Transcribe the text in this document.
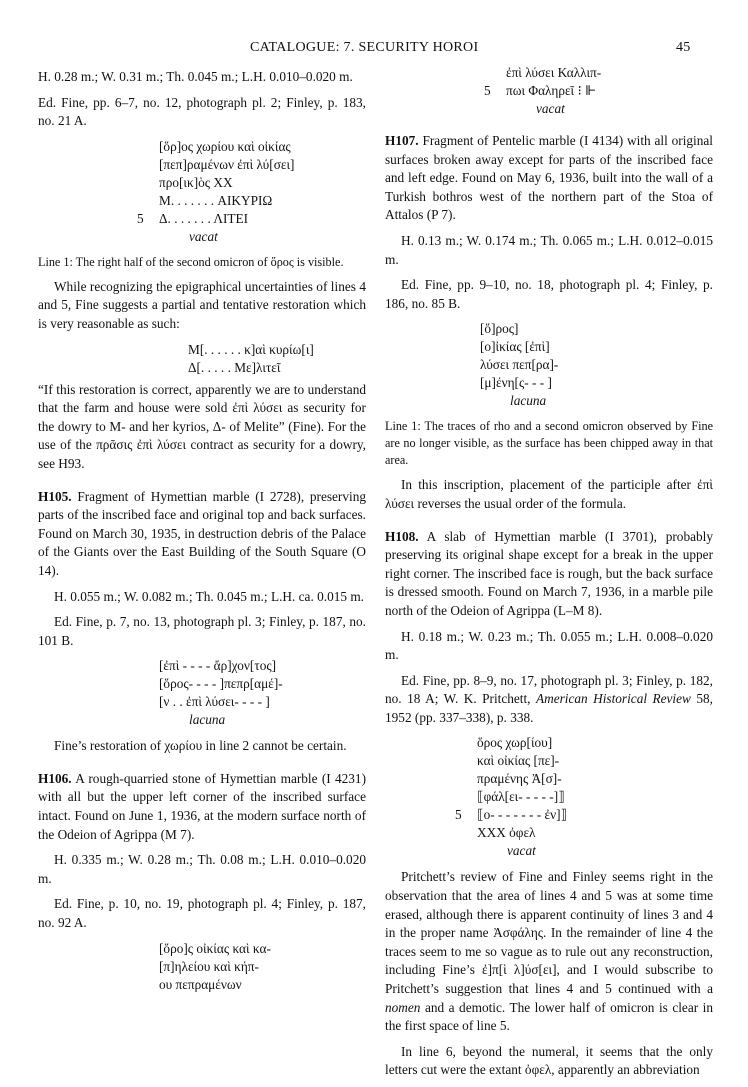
CATALOGUE: 7. SECURITY HOROI	45

H. 0.28 m.; W. 0.31 m.; Th. 0.045 m.; L.H. 0.010–0.020 m.

Ed. Fine, pp. 6–7, no. 12, photograph pl. 2; Finley, p. 183, no. 21 A.

[ὅρ]ος χωρίου καὶ οἰκίας
[πεπ]ραμένων ἐπὶ λύ[σει]
προ[ικ]ὸς XX
M. . . . . . . ΑΙΚΥΡΙΩ
5 Δ. . . . . . . ΛΙΤΕΙ
vacat

Line 1: The right half of the second omicron of ὅρος is visible.

While recognizing the epigraphical uncertainties of lines 4 and 5, Fine suggests a partial and tentative restoration which is very reasonable as such:

Μ[. . . . . . κ]αὶ κυρίω[ι]
Δ[. . . . . Με]λιτεῖ

“If this restoration is correct, apparently we are to understand that the farm and house were sold ἐπὶ λύσει as security for the dowry to M- and her kyrios, Δ- of Melite” (Fine). For the use of the πρᾶσις ἐπὶ λύσει contract as security for a dowry, see H93.

H105. Fragment of Hymettian marble (I 2728), preserving parts of the inscribed face and original top and back surfaces. Found on March 30, 1935, in destruction debris of the Palace of the Giants over the East Building of the South Square (O 14).

H. 0.055 m.; W. 0.082 m.; Th. 0.045 m.; L.H. ca. 0.015 m.

Ed. Fine, p. 7, no. 13, photograph pl. 3; Finley, p. 187, no. 101 B.

[ἐπὶ - - - - ἄρ]χον[τος]
[ὅρος- - - - ]πεπρ[αμέ]-
[ν . . ἐπὶ λύσει- - - - ]
lacuna

Fine’s restoration of χωρίου in line 2 cannot be certain.

H106. A rough-quarried stone of Hymettian marble (I 4231) with all but the upper left corner of the inscribed surface intact. Found on June 1, 1936, at the modern surface north of the Odeion of Agrippa (M 7).

H. 0.335 m.; W. 0.28 m.; Th. 0.08 m.; L.H. 0.010–0.020 m.

Ed. Fine, p. 10, no. 19, photograph pl. 4; Finley, p. 187, no. 92 A.

[ὅρο]ς οἰκίας καὶ κα-
[π]ηλείου καὶ κήπ-
ου πεπραμένων
ἐπὶ λύσει Καλλιπ-
5 πωι Φαληρεῖ ⁝ ⊩
vacat

H107. Fragment of Pentelic marble (I 4134) with all original surfaces broken away except for parts of the inscribed face and left edge. Found on May 6, 1936, built into the wall of a Turkish bothros west of the northern part of the Stoa of Attalos (P 7).

H. 0.13 m.; W. 0.174 m.; Th. 0.065 m.; L.H. 0.012–0.015 m.

Ed. Fine, pp. 9–10, no. 18, photograph pl. 4; Finley, p. 186, no. 85 B.

[ὅ]ρος]
[ο]ἰκίας [ἐπὶ]
λύσει πεπ[ρα]-
[μ]ένη[ς- - - ]
lacuna

Line 1: The traces of rho and a second omicron observed by Fine are no longer visible, as the surface has been chipped away in that area.

In this inscription, placement of the participle after ἐπὶ λύσει reverses the usual order of the formula.

H108. A slab of Hymettian marble (I 3701), probably preserving its original shape except for a break in the upper right corner. The inscribed face is rough, but the back surface is dressed smooth. Found on March 7, 1936, in a marble pile north of the Odeion of Agrippa (L–M 8).

H. 0.18 m.; W. 0.23 m.; Th. 0.055 m.; L.H. 0.008–0.020 m.

Ed. Fine, pp. 8–9, no. 17, photograph pl. 3; Finley, p. 182, no. 18 A; W. K. Pritchett, American Historical Review 58, 1952 (pp. 337–338), p. 338.

ὅρος χωρ[ίου]
καὶ οἰκίας [πε]-
πραμένης Ἀ[σ]-
⟦φάλ[ει- - - - -]⟧
5 ⟦ο- - - - - - - ἐν]⟧
XXX ὀφελ
vacat

Pritchett’s review of Fine and Finley seems right in the observation that the area of lines 4 and 5 was at some time erased, although there is apparent continuity of lines 3 and 4 in the proper name Ἀσφάλης. In the remainder of line 4 the traces seem to me so vague as to rule out any reconstruction, including Fine’s ἐ]π[ὶ λ]ύσ[ει], and I would subscribe to Pritchett’s suggestion that lines 4 and 5 continued with a nomen and a demotic. The lower half of omicron is clear in the first space of line 5.

In line 6, beyond the numeral, it seems that the only letters cut were the extant ὀφελ, apparently an abbreviation
